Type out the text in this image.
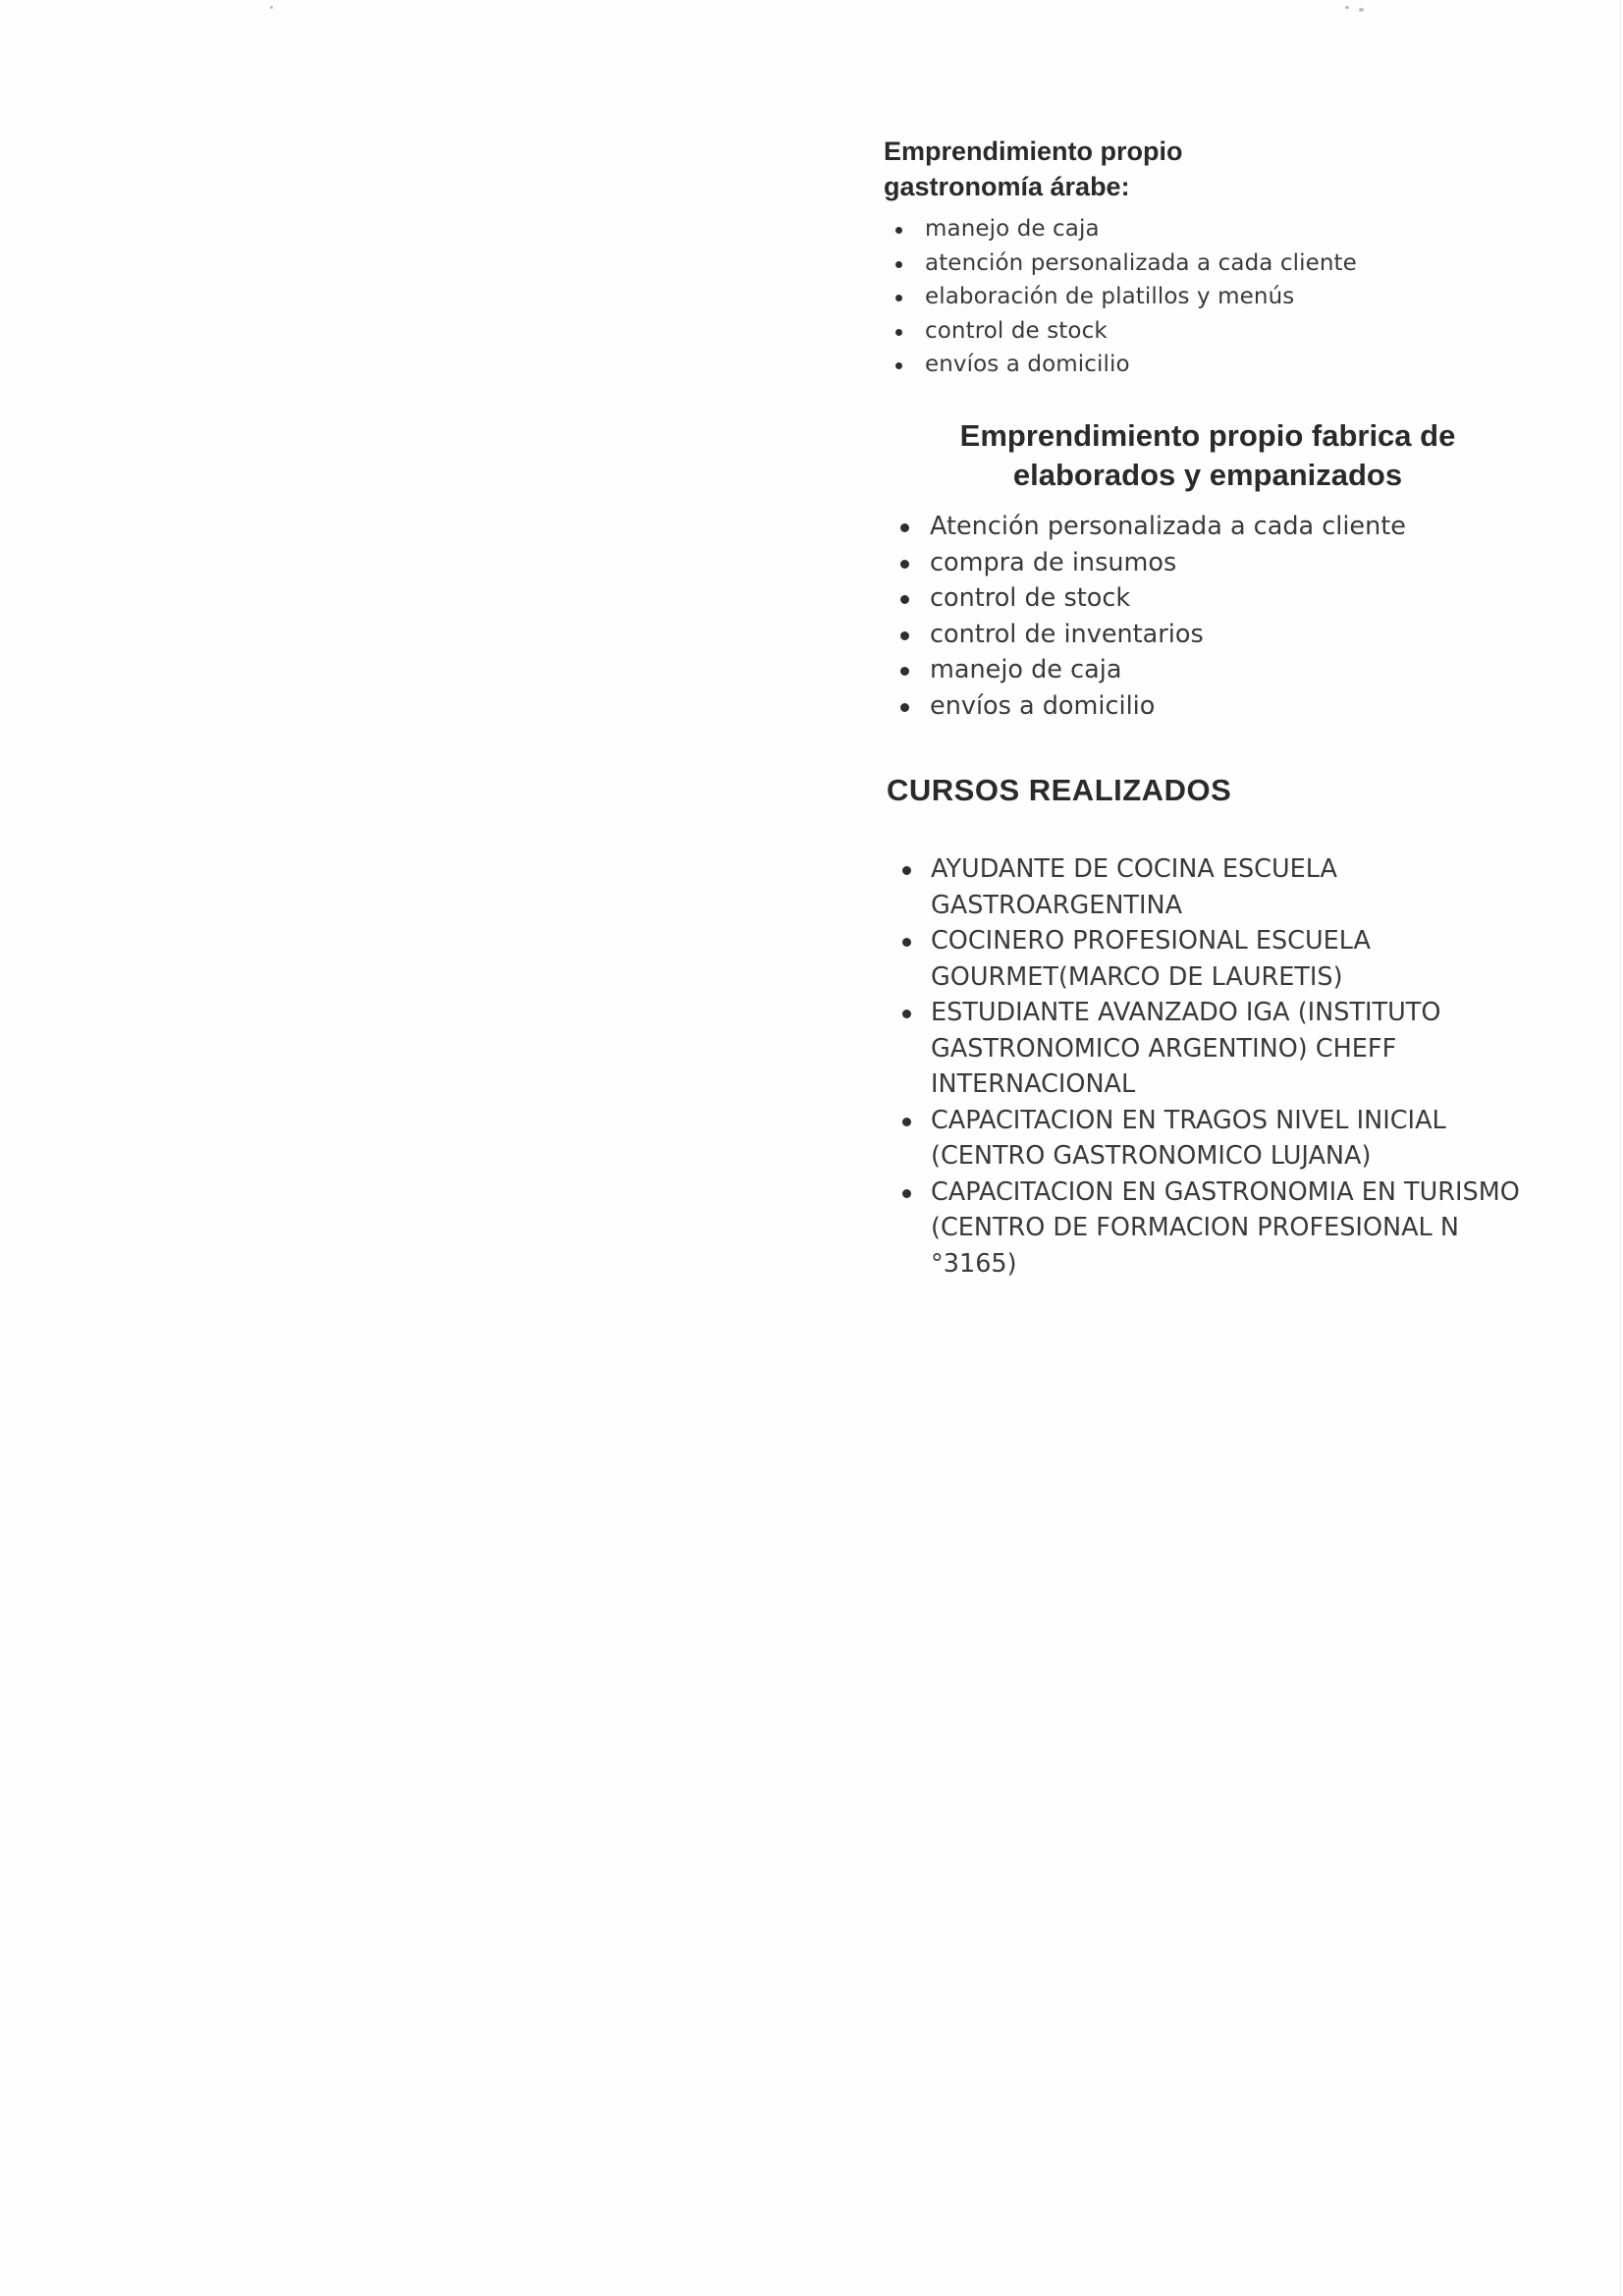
Emprendimiento propio
gastronomía árabe:
manejo de caja
atención personalizada a cada cliente
elaboración de platillos y menús
control de stock
envíos a domicilio
Emprendimiento propio fabrica de
elaborados y empanizados
Atención personalizada a cada cliente
compra de insumos
control de stock
control de inventarios
manejo de caja
envíos a domicilio
CURSOS REALIZADOS
AYUDANTE DE COCINA ESCUELA GASTROARGENTINA
COCINERO PROFESIONAL ESCUELA GOURMET(MARCO DE LAURETIS)
ESTUDIANTE AVANZADO IGA (INSTITUTO GASTRONOMICO ARGENTINO) CHEFF INTERNACIONAL
CAPACITACION EN TRAGOS NIVEL INICIAL (CENTRO GASTRONOMICO LUJANA)
CAPACITACION EN GASTRONOMIA EN TURISMO (CENTRO DE FORMACION PROFESIONAL N °3165)
